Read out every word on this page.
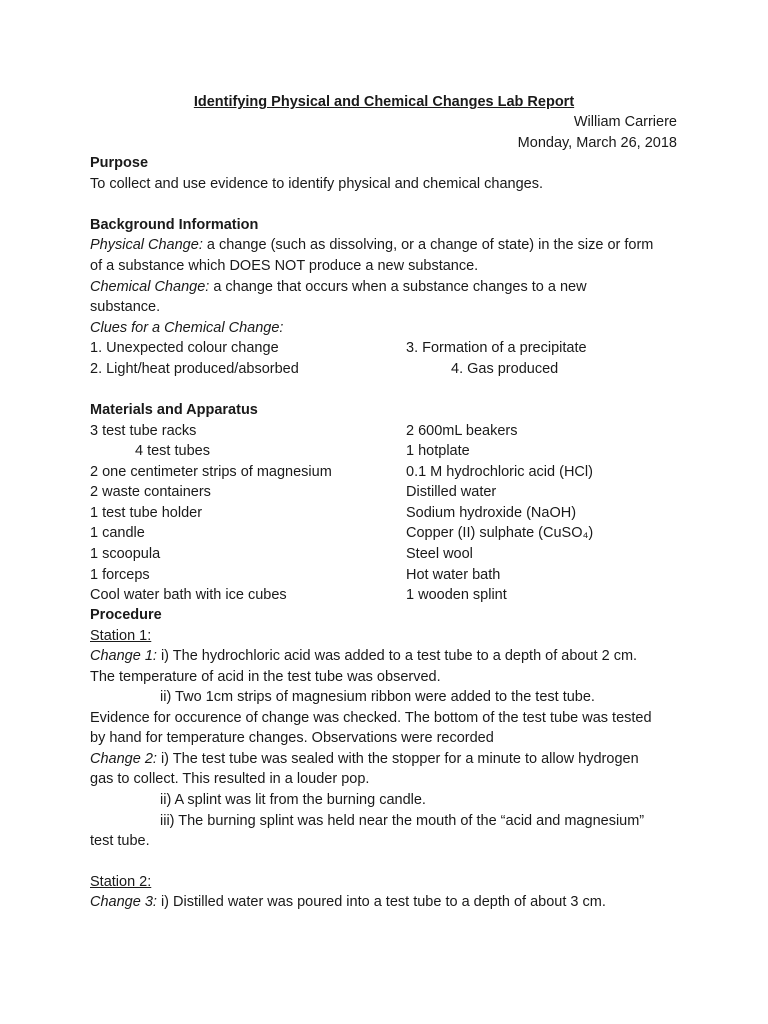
Identifying Physical and Chemical Changes Lab Report
William Carriere
Monday, March 26, 2018
Purpose
To collect and use evidence to identify physical and chemical changes.
Background Information
Physical Change: a change (such as dissolving, or a change of state) in the size or form
of a substance which DOES NOT produce a new substance.
Chemical Change: a change that occurs when a substance changes to a new
substance.
Clues for a Chemical Change:
1. Unexpected colour change	3. Formation of a precipitate
2. Light/heat produced/absorbed	4. Gas produced
Materials and Apparatus
3 test tube racks	2 600mL beakers
4 test tubes	1 hotplate
2 one centimeter strips of magnesium	0.1 M hydrochloric acid (HCl)
2 waste containers	Distilled water
1 test tube holder	Sodium hydroxide (NaOH)
1 candle	Copper (II) sulphate (CuSO₄)
1 scoopula	Steel wool
1 forceps	Hot water bath
Cool water bath with ice cubes	1 wooden splint
Procedure
Station 1:
Change 1: i) The hydrochloric acid was added to a test tube to a depth of about 2 cm.
The temperature of acid in the test tube was observed.
ii) Two 1cm strips of magnesium ribbon were added to the test tube.
Evidence for occurence of change was checked. The bottom of the test tube was tested
by hand for temperature changes. Observations were recorded
Change 2: i) The test tube was sealed with the stopper for a minute to allow hydrogen
gas to collect. This resulted in a louder pop.
ii) A splint was lit from the burning candle.
iii) The burning splint was held near the mouth of the “acid and magnesium”
test tube.
Station 2:
Change 3: i) Distilled water was poured into a test tube to a depth of about 3 cm.
